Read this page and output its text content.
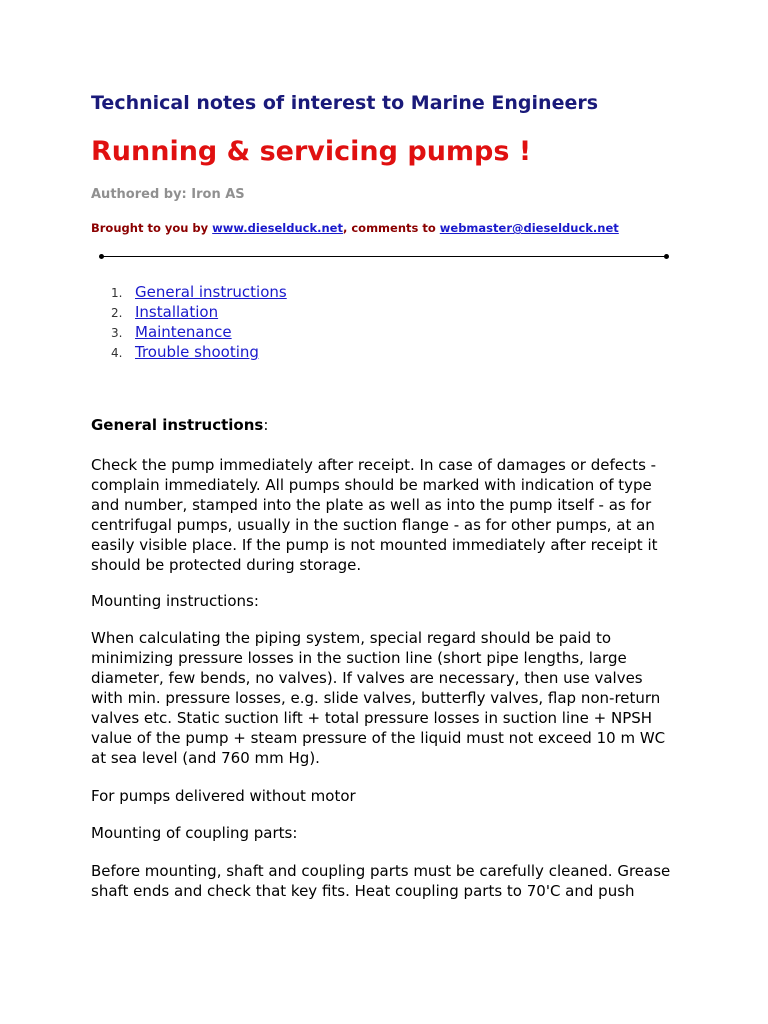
Technical notes of interest to Marine Engineers
Running & servicing pumps !
Authored by: Iron AS
Brought to you by www.dieselduck.net, comments to webmaster@dieselduck.net
1. General instructions
2. Installation
3. Maintenance
4. Trouble shooting
General instructions:
Check the pump immediately after receipt. In case of damages or defects -
complain immediately. All pumps should be marked with indication of type
and number, stamped into the plate as well as into the pump itself - as for
centrifugal pumps, usually in the suction flange - as for other pumps, at an
easily visible place. If the pump is not mounted immediately after receipt it
should be protected during storage.
Mounting instructions:
When calculating the piping system, special regard should be paid to
minimizing pressure losses in the suction line (short pipe lengths, large
diameter, few bends, no valves). If valves are necessary, then use valves
with min. pressure losses, e.g. slide valves, butterfly valves, flap non-return
valves etc. Static suction lift + total pressure losses in suction line + NPSH
value of the pump + steam pressure of the liquid must not exceed 10 m WC
at sea level (and 760 mm Hg).
For pumps delivered without motor
Mounting of coupling parts:
Before mounting, shaft and coupling parts must be carefully cleaned. Grease
shaft ends and check that key fits. Heat coupling parts to 70'C and push
